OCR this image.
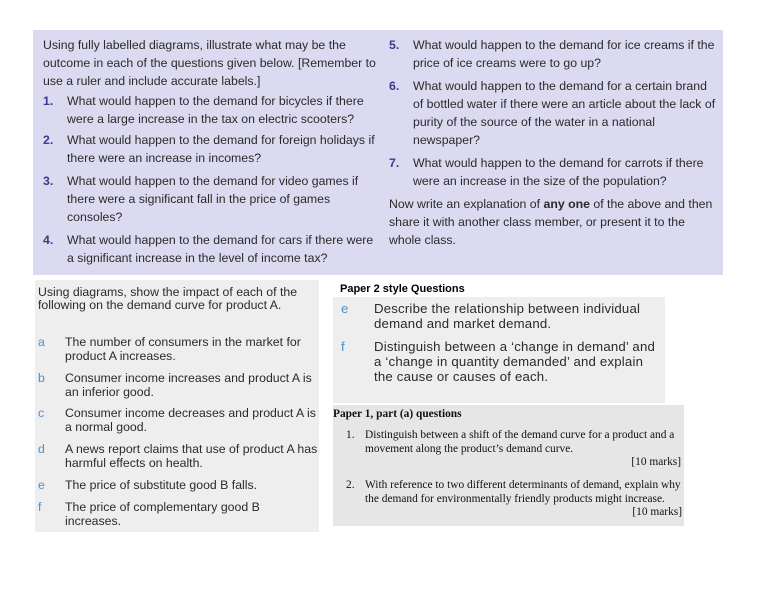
Using fully labelled diagrams, illustrate what may be the outcome in each of the questions given below. [Remember to use a ruler and include accurate labels.]
1. What would happen to the demand for bicycles if there were a large increase in the tax on electric scooters?
2. What would happen to the demand for foreign holidays if there were an increase in incomes?
3. What would happen to the demand for video games if there were a significant fall in the price of games consoles?
4. What would happen to the demand for cars if there were a significant increase in the level of income tax?
5. What would happen to the demand for ice creams if the price of ice creams were to go up?
6. What would happen to the demand for a certain brand of bottled water if there were an article about the lack of purity of the source of the water in a national newspaper?
7. What would happen to the demand for carrots if there were an increase in the size of the population?
Now write an explanation of any one of the above and then share it with another class member, or present it to the whole class.
Using diagrams, show the impact of each of the following on the demand curve for product A.
a	The number of consumers in the market for product A increases.
b	Consumer income increases and product A is an inferior good.
c	Consumer income decreases and product A is a normal good.
d	A news report claims that use of product A has harmful effects on health.
e	The price of substitute good B falls.
f	The price of complementary good B increases.
Paper 2 style Questions
e	Describe the relationship between individual demand and market demand.
f	Distinguish between a ‘change in demand’ and a ‘change in quantity demanded’ and explain the cause or causes of each.
Paper 1, part (a) questions
1. Distinguish between a shift of the demand curve for a product and a movement along the product’s demand curve.
[10 marks]
2. With reference to two different determinants of demand, explain why the demand for environmentally friendly products might increase.
[10 marks]
